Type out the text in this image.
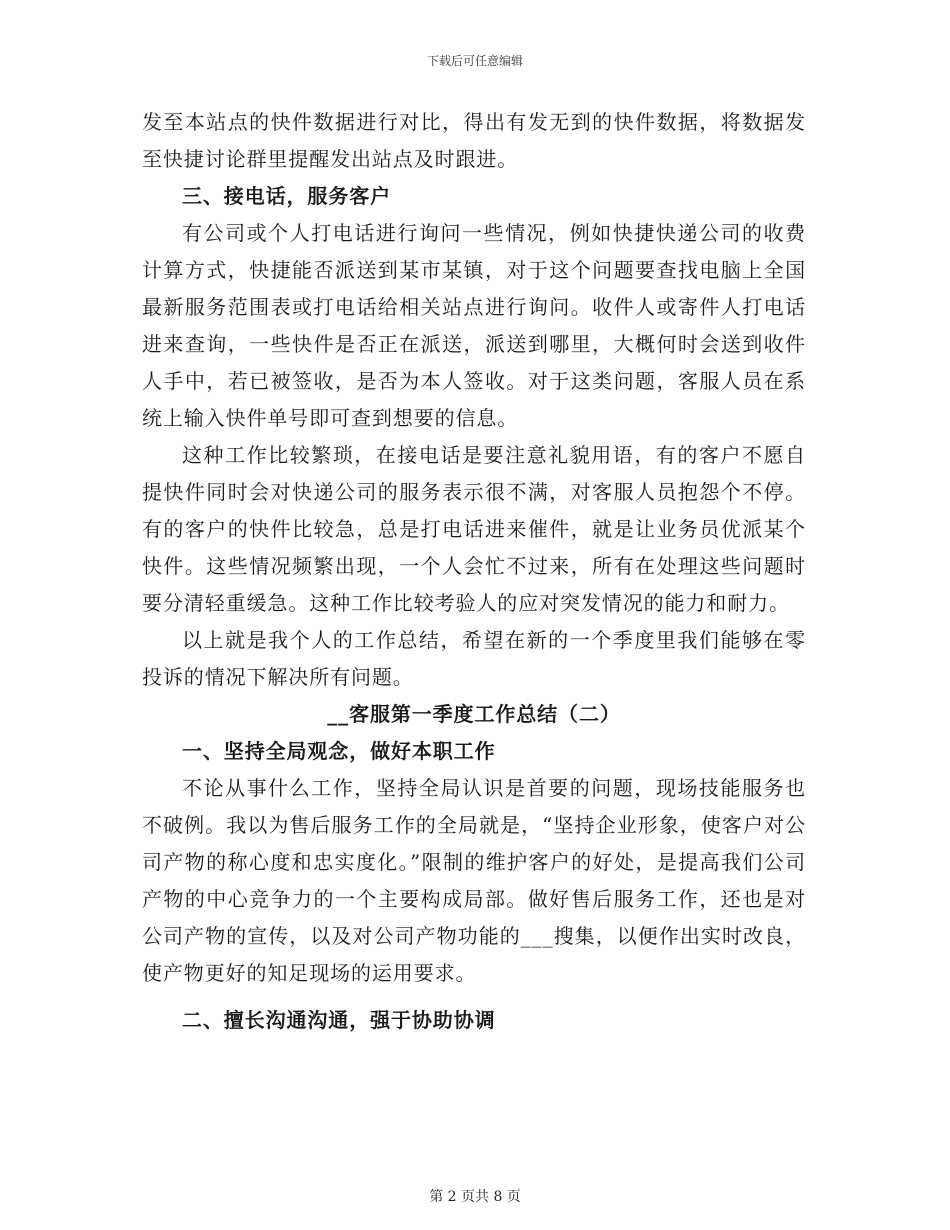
下载后可任意编辑

发至本站点的快件数据进行对比，得出有发无到的快件数据，将数据发至快捷讨论群里提醒发出站点及时跟进。

三、接电话，服务客户

有公司或个人打电话进行询问一些情况，例如快捷快递公司的收费计算方式，快捷能否派送到某市某镇，对于这个问题要查找电脑上全国最新服务范围表或打电话给相关站点进行询问。收件人或寄件人打电话进来查询，一些快件是否正在派送，派送到哪里，大概何时会送到收件人手中，若已被签收，是否为本人签收。对于这类问题，客服人员在系统上输入快件单号即可查到想要的信息。

这种工作比较繁琐，在接电话是要注意礼貌用语，有的客户不愿自提快件同时会对快递公司的服务表示很不满，对客服人员抱怨个不停。有的客户的快件比较急，总是打电话进来催件，就是让业务员优派某个快件。这些情况频繁出现，一个人会忙不过来，所有在处理这些问题时要分清轻重缓急。这种工作比较考验人的应对突发情况的能力和耐力。

以上就是我个人的工作总结，希望在新的一个季度里我们能够在零投诉的情况下解决所有问题。

__客服第一季度工作总结（二）

一、坚持全局观念，做好本职工作

不论从事什么工作，坚持全局认识是首要的问题，现场技能服务也不破例。我以为售后服务工作的全局就是，“坚持企业形象，使客户对公司产物的称心度和忠实度化。”限制的维护客户的好处，是提高我们公司产物的中心竞争力的一个主要构成局部。做好售后服务工作，还也是对公司产物的宣传，以及对公司产物功能的___搜集，以便作出实时改良，使产物更好的知足现场的运用要求。

二、擅长沟通沟通，强于协助协调

第 2 页共 8 页
